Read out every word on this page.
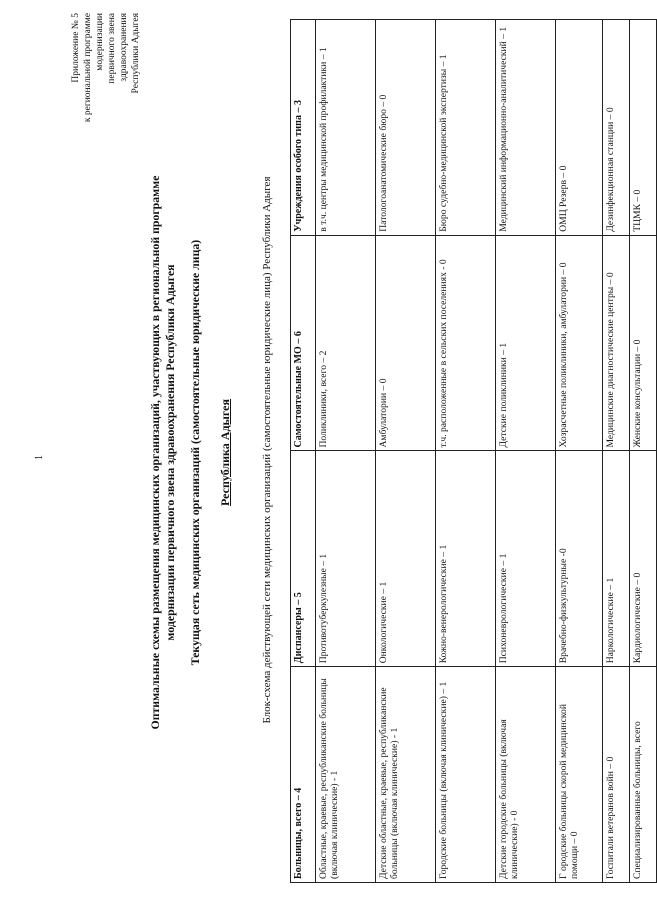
1
Приложение № 5 к региональной программе модернизации первичного звена здравоохранения Республики Адыгея
Оптимальные схемы размещения медицинских организаций, участвующих в региональной программе модернизации первичного звена здравоохранения Республики Адыгея Текущая сеть медицинских организаций (самостоятельные юридические лица) Республика Адыгея	Блок-схема действующей сети медицинских организаций (самостоятельные юридические лица) Республики Адыгея
Больницы, всего – 4	Диспансеры – 5	Самостоятельные МО – 6	Учреждения особого типа – 3
Областные, краевые, республиканские больницы (включая клинические) - 1	Противотуберкулезные – 1	Поликлиники, всего – 2	в т.ч. центры медицинской профилактики – 1
Детские областные, краевые, республиканские больницы (включая клинические) - 1	Онкологические – 1	Амбулатории – 0	Патологоанатомические бюро – 0
Городские больницы (включая клинические) – 1	Кожно-венерологические – 1	т.ч. расположенные в сельских поселениях - 0	Бюро судебно-медицинской экспертизы – 1
Детские городские больницы (включая клинические) - 0	Психоневрологические – 1	Детские поликлиники – 1	Медицинский информационно-аналитический – 1
Г ородские больницы скорой медицинской помощи – 0	Врачебно-физкультурные -0	Хозрасчетные поликлиники, амбулатории – 0	ОМЦ Резерв – 0
Госпитали ветеранов войн – 0	Наркологические – 1	Медицинские диагностические центры – 0	Дезинфекционная станции – 0
Специализированные больницы, всего	Кардиологические – 0	Женские консультации – 0	ТЦМК – 0
